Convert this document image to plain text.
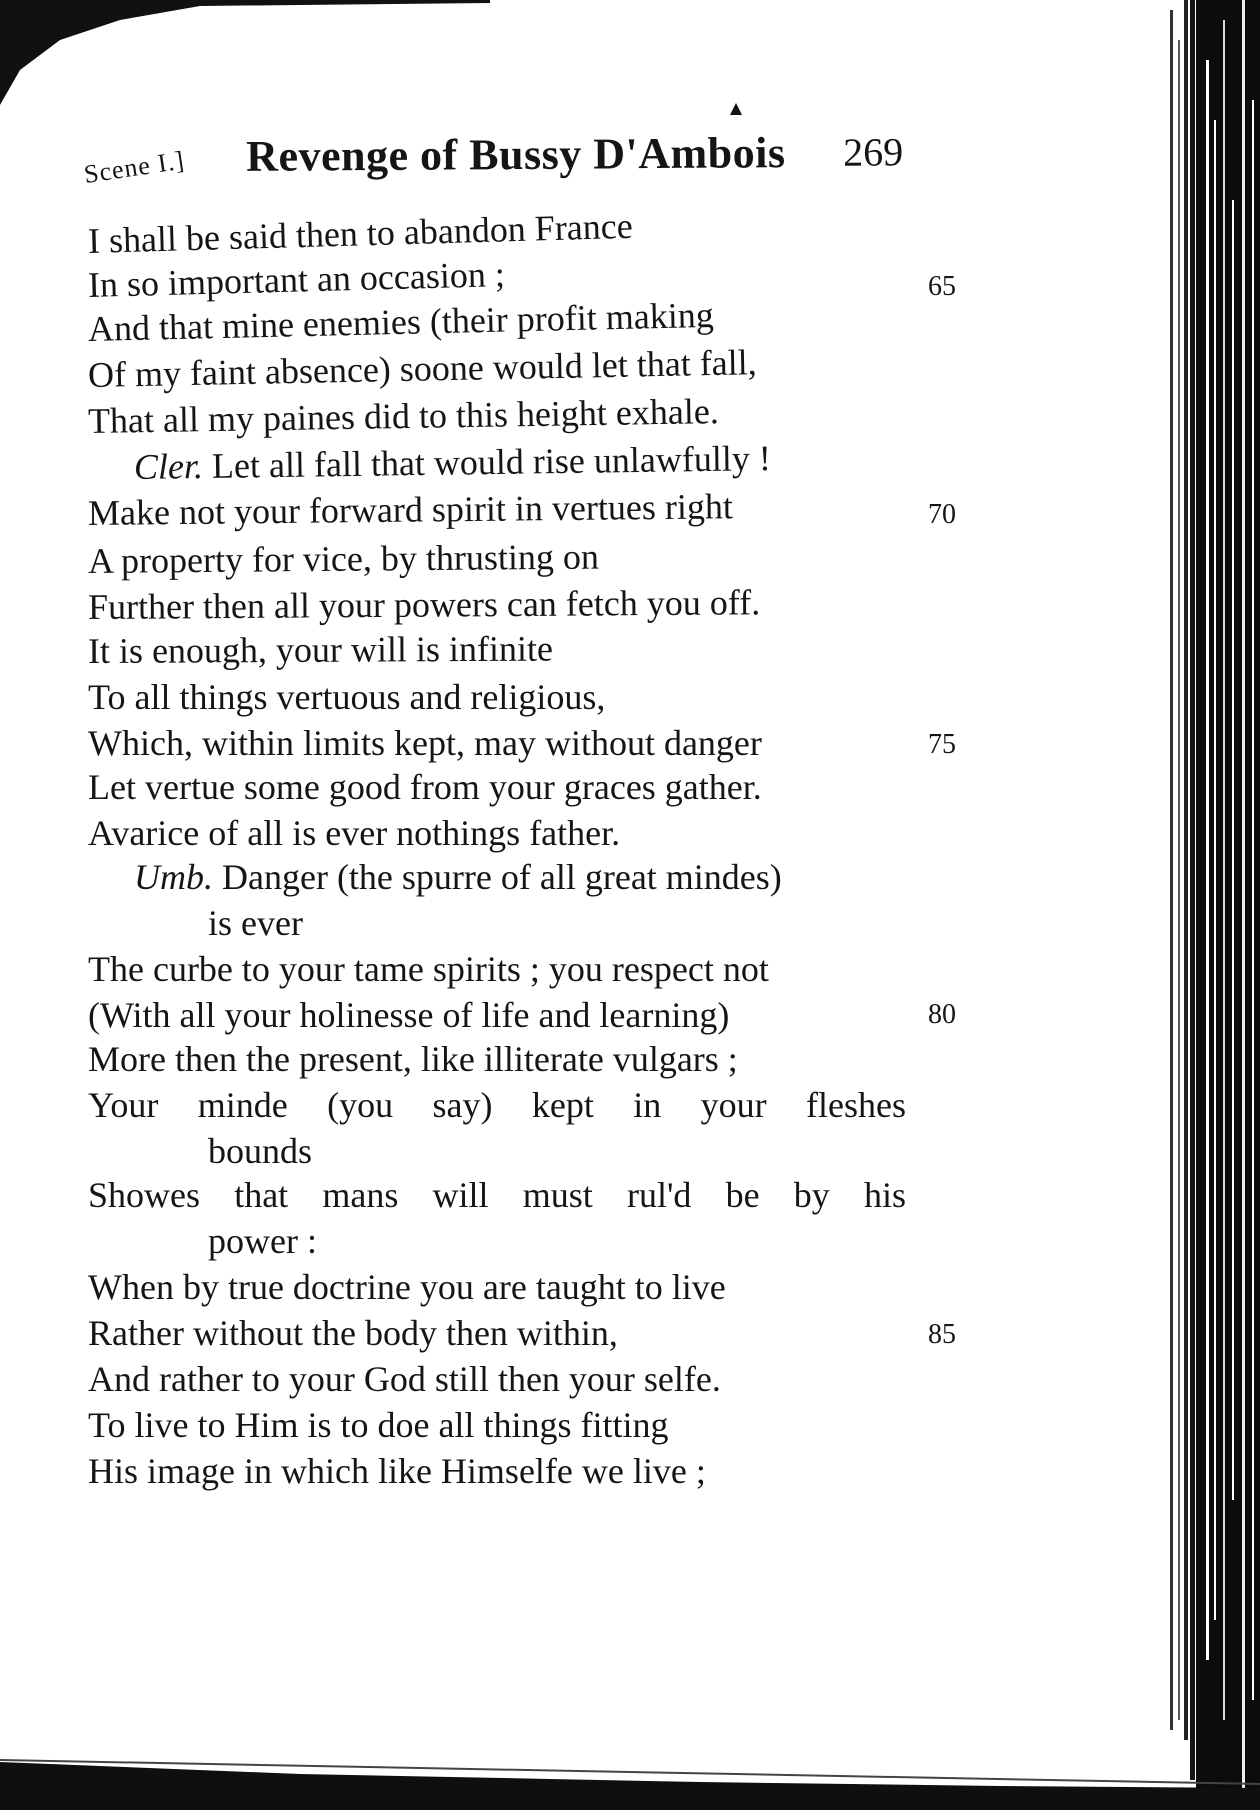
Scene I.] Revenge of Bussy D'Ambois 269
I shall be said then to abandon France
In so important an occasion ;	65
And that mine enemies (their profit making
Of my faint absence) soone would let that fall,
That all my paines did to this height exhale.
Cler. Let all fall that would rise unlawfully !
Make not your forward spirit in vertues right	70
A property for vice, by thrusting on
Further then all your powers can fetch you off.
It is enough, your will is infinite
To all things vertuous and religious,
Which, within limits kept, may without danger	75
Let vertue some good from your graces gather.
Avarice of all is ever nothings father.
Umb. Danger (the spurre of all great mindes)
is ever
The curbe to your tame spirits ; you respect not
(With all your holinesse of life and learning)	80
More then the present, like illiterate vulgars ;
Your minde (you say) kept in your fleshes
bounds
Showes that mans will must rul'd be by his
power :
When by true doctrine you are taught to live
Rather without the body then within,	85
And rather to your God still then your selfe.
To live to Him is to doe all things fitting
His image in which like Himselfe we live ;
